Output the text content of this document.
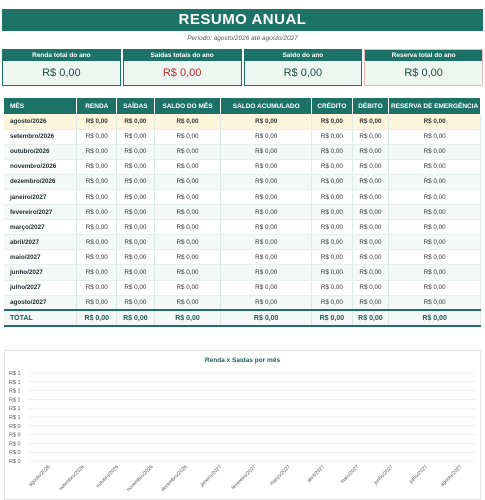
RESUMO ANUAL
Período: agosto/2026 até agosto/2027
Renda total do ano
R$ 0,00
Saídas totais do ano
R$ 0,00
Saldo do ano
R$ 0,00
Reserva total do ano
R$ 0,00
MÊS	RENDA	SAÍDAS	SALDO DO MÊS	SALDO ACUMULADO	CRÉDITO	DÉBITO	RESERVA DE EMERGÊNCIA
agosto/2026	R$ 0,00	R$ 0,00	R$ 0,00	R$ 0,00	R$ 0,00	R$ 0,00	R$ 0,00
setembro/2026	R$ 0,00	R$ 0,00	R$ 0,00	R$ 0,00	R$ 0,00	R$ 0,00	R$ 0,00
outubro/2026	R$ 0,00	R$ 0,00	R$ 0,00	R$ 0,00	R$ 0,00	R$ 0,00	R$ 0,00
novembro/2026	R$ 0,00	R$ 0,00	R$ 0,00	R$ 0,00	R$ 0,00	R$ 0,00	R$ 0,00
dezembro/2026	R$ 0,00	R$ 0,00	R$ 0,00	R$ 0,00	R$ 0,00	R$ 0,00	R$ 0,00
janeiro/2027	R$ 0,00	R$ 0,00	R$ 0,00	R$ 0,00	R$ 0,00	R$ 0,00	R$ 0,00
fevereiro/2027	R$ 0,00	R$ 0,00	R$ 0,00	R$ 0,00	R$ 0,00	R$ 0,00	R$ 0,00
março/2027	R$ 0,00	R$ 0,00	R$ 0,00	R$ 0,00	R$ 0,00	R$ 0,00	R$ 0,00
abril/2027	R$ 0,00	R$ 0,00	R$ 0,00	R$ 0,00	R$ 0,00	R$ 0,00	R$ 0,00
maio/2027	R$ 0,00	R$ 0,00	R$ 0,00	R$ 0,00	R$ 0,00	R$ 0,00	R$ 0,00
junho/2027	R$ 0,00	R$ 0,00	R$ 0,00	R$ 0,00	R$ 0,00	R$ 0,00	R$ 0,00
julho/2027	R$ 0,00	R$ 0,00	R$ 0,00	R$ 0,00	R$ 0,00	R$ 0,00	R$ 0,00
agosto/2027	R$ 0,00	R$ 0,00	R$ 0,00	R$ 0,00	R$ 0,00	R$ 0,00	R$ 0,00
TOTAL	R$ 0,00	R$ 0,00	R$ 0,00	R$ 0,00	R$ 0,00	R$ 0,00	R$ 0,00
Renda x Saídas por mês
R$ 1
R$ 1
R$ 1
R$ 1
R$ 1
R$ 1
R$ 0
R$ 0
R$ 0
R$ 0
R$ 0
agosto/2026 setembro/2026 outubro/2026 novembro/2026 dezembro/2026 janeiro/2027 fevereiro/2027 março/2027	abril/2027	maio/2027	junho/2027	julho/2027 agosto/2027
